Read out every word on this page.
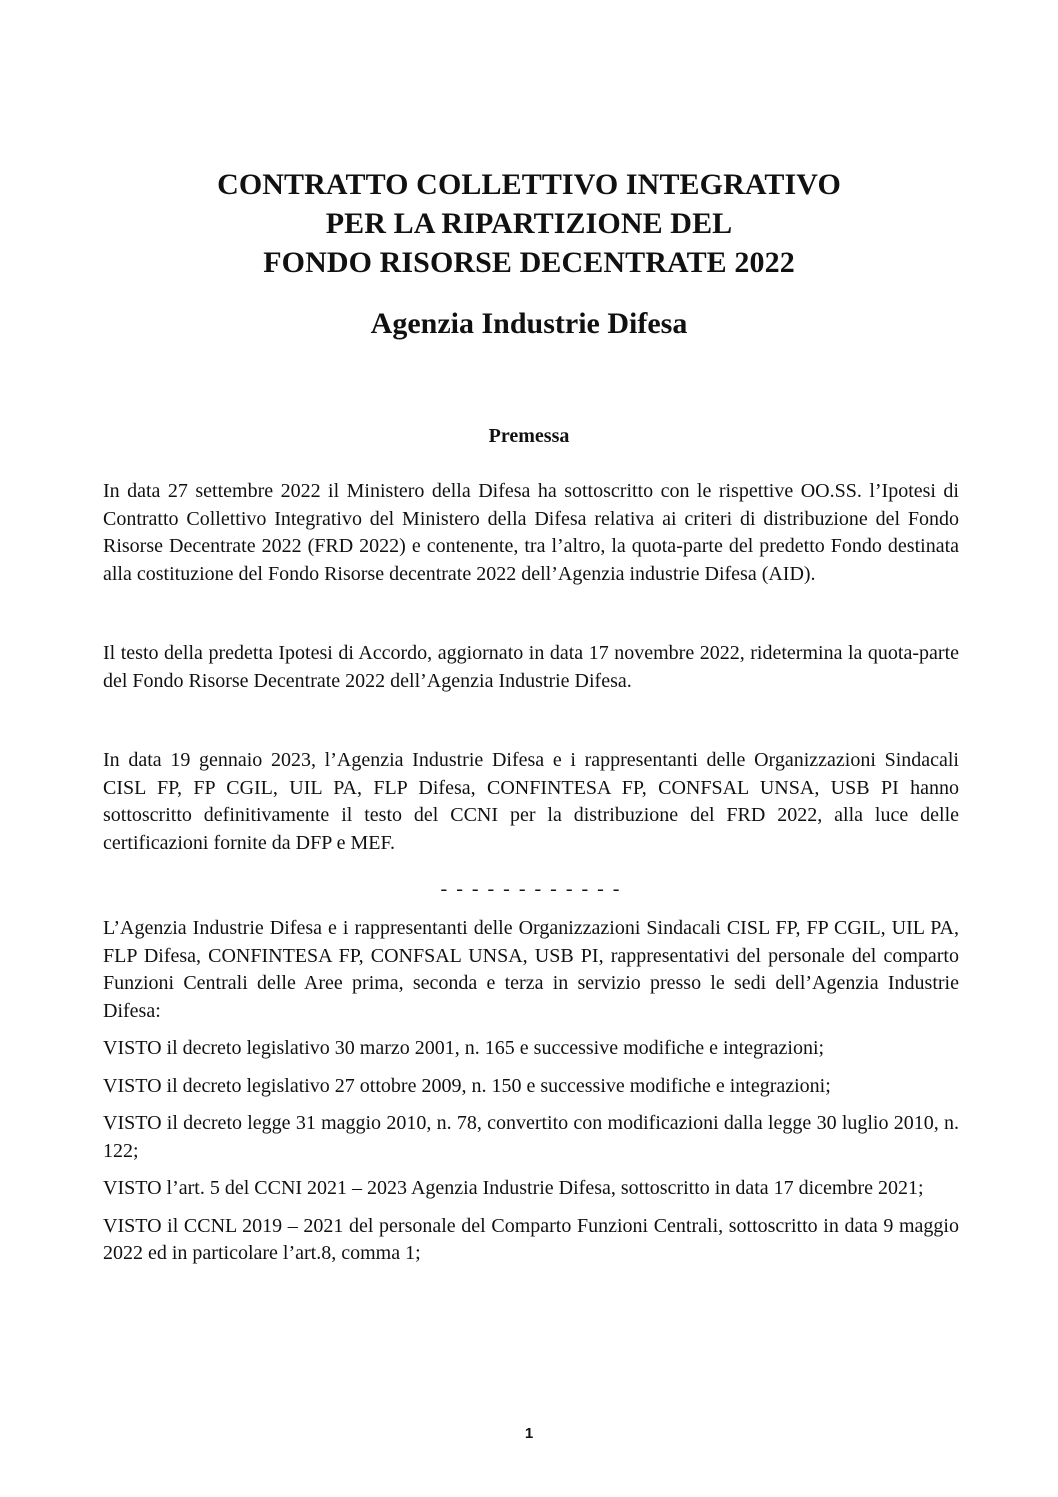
CONTRATTO COLLETTIVO INTEGRATIVO
PER LA RIPARTIZIONE DEL
FONDO RISORSE DECENTRATE 2022
Agenzia Industrie Difesa
Premessa

In data 27 settembre 2022 il Ministero della Difesa ha sottoscritto con le rispettive OO.SS. l’Ipotesi di Contratto Collettivo Integrativo del Ministero della Difesa relativa ai criteri di distribuzione del Fondo Risorse Decentrate 2022 (FRD 2022) e contenente, tra l’altro, la quota-parte del predetto Fondo destinata alla costituzione del Fondo Risorse decentrate 2022 dell’Agenzia industrie Difesa (AID).

Il testo della predetta Ipotesi di Accordo, aggiornato in data 17 novembre 2022, ridetermina la quota-parte del Fondo Risorse Decentrate 2022 dell’Agenzia Industrie Difesa.

In data 19 gennaio 2023, l’Agenzia Industrie Difesa e i rappresentanti delle Organizzazioni Sindacali CISL FP, FP CGIL, UIL PA, FLP Difesa, CONFINTESA FP, CONFSAL UNSA, USB PI hanno sottoscritto definitivamente il testo del CCNI per la distribuzione del FRD 2022, alla luce delle certificazioni fornite da DFP e MEF.

- - - - - - - - - - - -

L’Agenzia Industrie Difesa e i rappresentanti delle Organizzazioni Sindacali CISL FP, FP CGIL, UIL PA, FLP Difesa, CONFINTESA FP, CONFSAL UNSA, USB PI, rappresentativi del personale del comparto Funzioni Centrali delle Aree prima, seconda e terza in servizio presso le sedi dell’Agenzia Industrie Difesa:

VISTO il decreto legislativo 30 marzo 2001, n. 165 e successive modifiche e integrazioni;

VISTO il decreto legislativo 27 ottobre 2009, n. 150 e successive modifiche e integrazioni;

VISTO il decreto legge 31 maggio 2010, n. 78, convertito con modificazioni dalla legge 30 luglio 2010, n. 122;

VISTO l’art. 5 del CCNI 2021 – 2023 Agenzia Industrie Difesa, sottoscritto in data 17 dicembre 2021;

VISTO il CCNL 2019 – 2021 del personale del Comparto Funzioni Centrali, sottoscritto in data 9 maggio 2022 ed in particolare l’art.8, comma 1;

1
